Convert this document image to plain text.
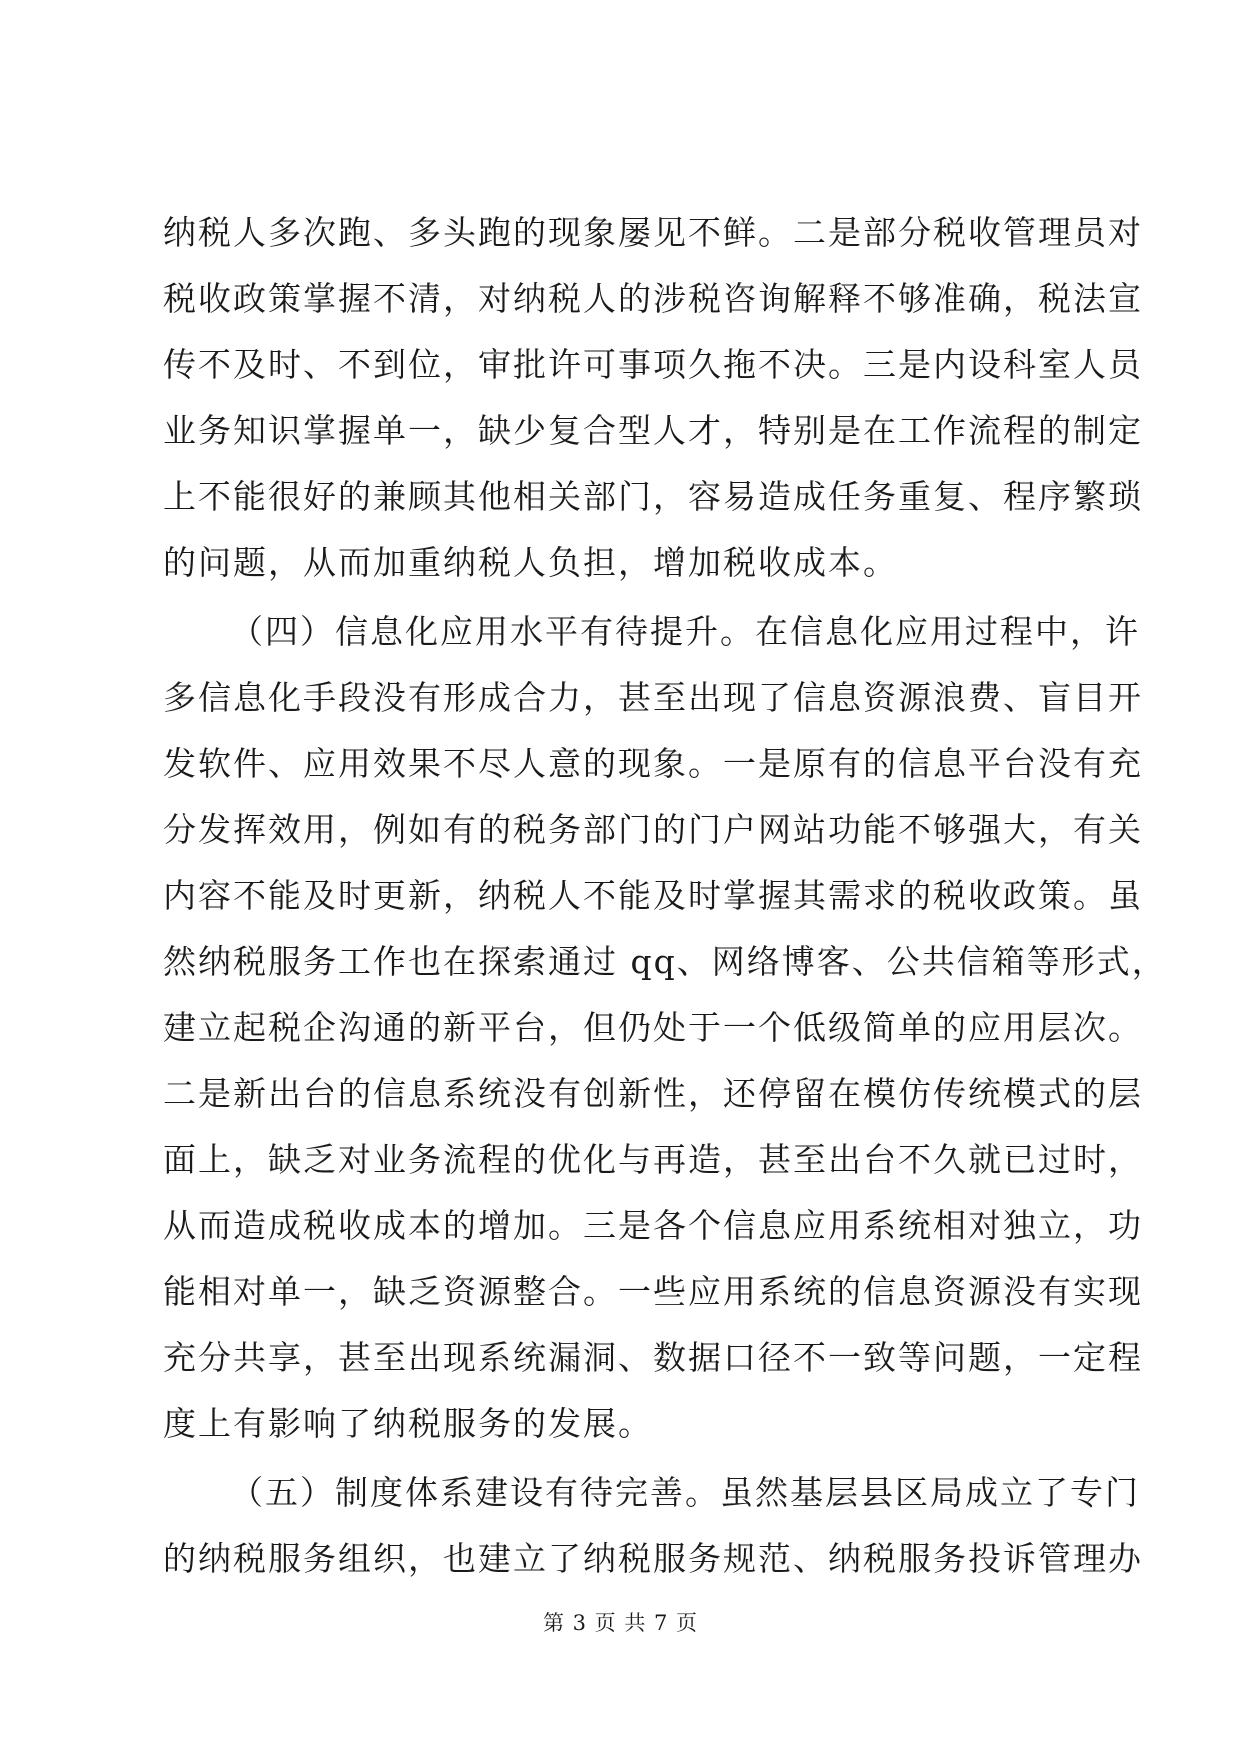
纳税人多次跑、多头跑的现象屡见不鲜。二是部分税收管理员对
税收政策掌握不清，对纳税人的涉税咨询解释不够准确，税法宣
传不及时、不到位，审批许可事项久拖不决。三是内设科室人员
业务知识掌握单一，缺少复合型人才，特别是在工作流程的制定
上不能很好的兼顾其他相关部门，容易造成任务重复、程序繁琐
的问题，从而加重纳税人负担，增加税收成本。
（四）信息化应用水平有待提升。在信息化应用过程中，许
多信息化手段没有形成合力，甚至出现了信息资源浪费、盲目开
发软件、应用效果不尽人意的现象。一是原有的信息平台没有充
分发挥效用，例如有的税务部门的门户网站功能不够强大，有关
内容不能及时更新，纳税人不能及时掌握其需求的税收政策。虽
然纳税服务工作也在探索通过 qq、网络博客、公共信箱等形式，
建立起税企沟通的新平台，但仍处于一个低级简单的应用层次。
二是新出台的信息系统没有创新性，还停留在模仿传统模式的层
面上，缺乏对业务流程的优化与再造，甚至出台不久就已过时，
从而造成税收成本的增加。三是各个信息应用系统相对独立，功
能相对单一，缺乏资源整合。一些应用系统的信息资源没有实现
充分共享，甚至出现系统漏洞、数据口径不一致等问题，一定程
度上有影响了纳税服务的发展。
（五）制度体系建设有待完善。虽然基层县区局成立了专门
的纳税服务组织，也建立了纳税服务规范、纳税服务投诉管理办
第 3 页 共 7 页
